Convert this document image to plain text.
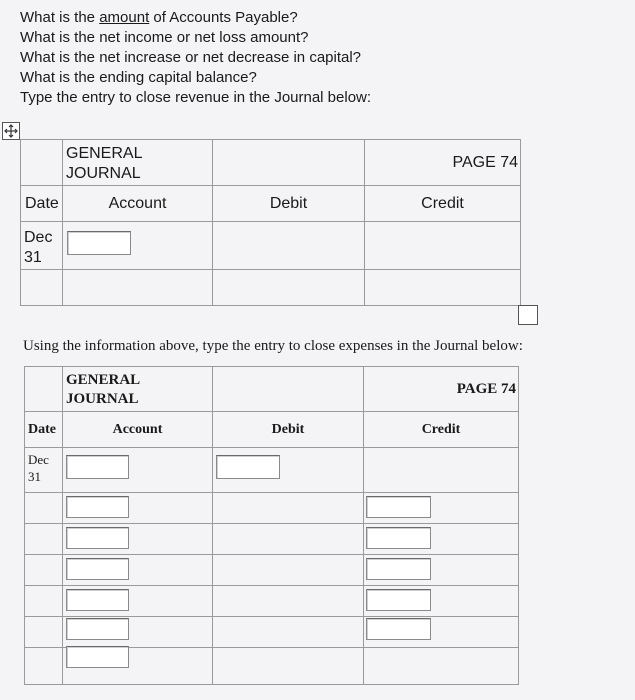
What is the amount of Accounts Payable?
What is the net income or net loss amount?
What is the net increase or net decrease in capital?
What is the ending capital balance?
Type the entry to close revenue in the Journal below:
	GENERAL JOURNAL		PAGE 74
Date	Account	Debit	Credit
Dec 31			

Using the information above, type the entry to close expenses in the Journal below:
	GENERAL JOURNAL		PAGE 74
Date	Account	Debit	Credit
Dec 31			
